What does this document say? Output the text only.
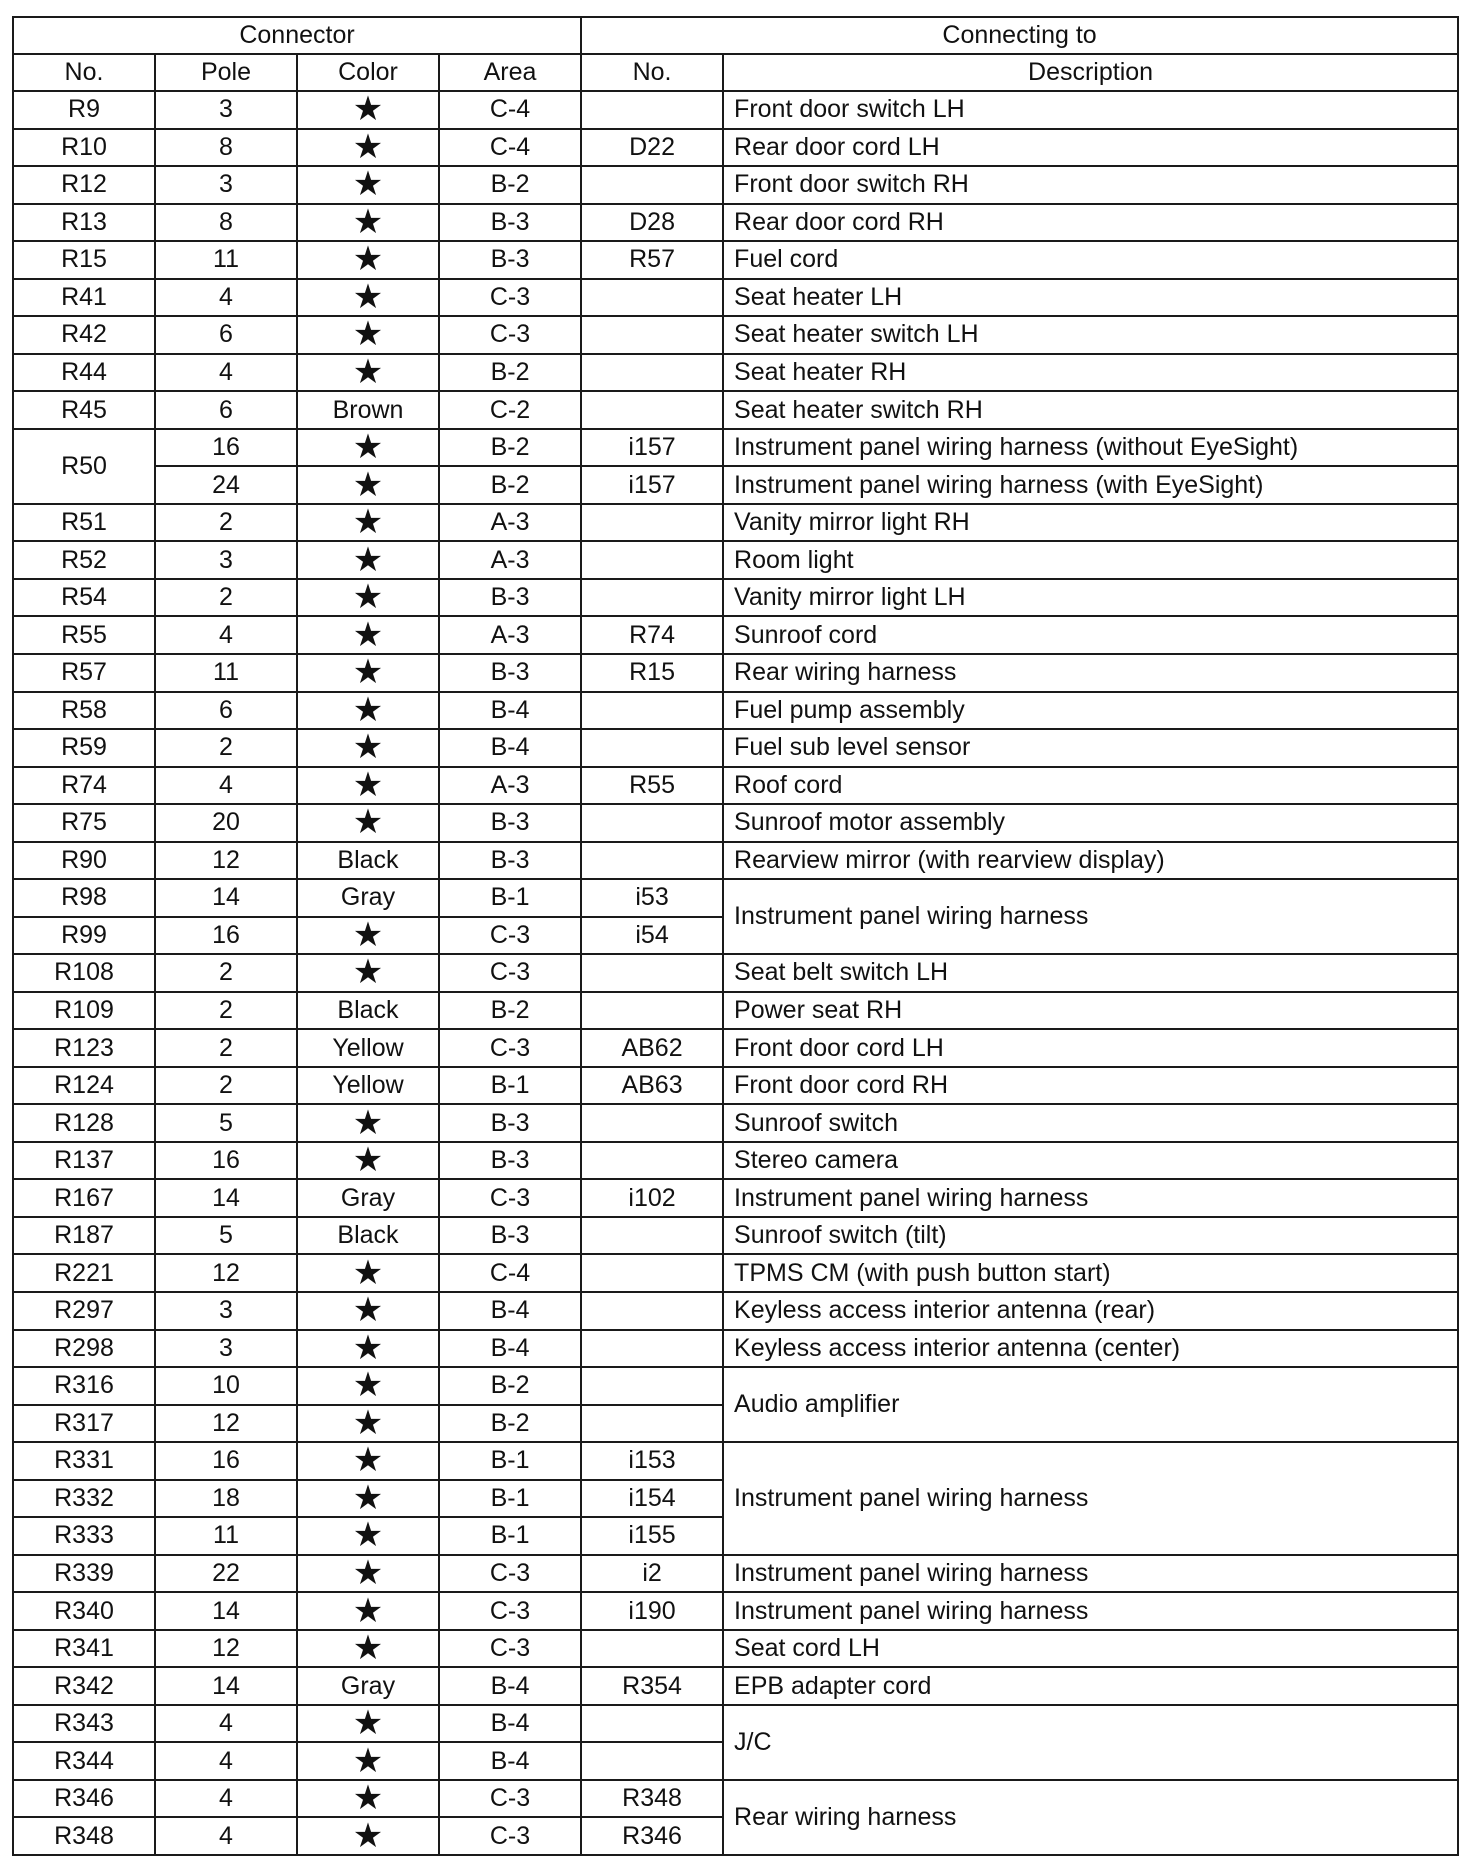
Connector				Connecting to	
No.	Pole	Color	Area	No.	Description
R9	3	★	C-4		Front door switch LH
R10	8	★	C-4	D22	Rear door cord LH
R12	3	★	B-2		Front door switch RH
R13	8	★	B-3	D28	Rear door cord RH
R15	11	★	B-3	R57	Fuel cord
R41	4	★	C-3		Seat heater LH
R42	6	★	C-3		Seat heater switch LH
R44	4	★	B-2		Seat heater RH
R45	6	Brown	C-2		Seat heater switch RH
R50	16	★	B-2	i157	Instrument panel wiring harness (without EyeSight)
	24	★	B-2	i157	Instrument panel wiring harness (with EyeSight)
R51	2	★	A-3		Vanity mirror light RH
R52	3	★	A-3		Room light
R54	2	★	B-3		Vanity mirror light LH
R55	4	★	A-3	R74	Sunroof cord
R57	11	★	B-3	R15	Rear wiring harness
R58	6	★	B-4		Fuel pump assembly
R59	2	★	B-4		Fuel sub level sensor
R74	4	★	A-3	R55	Roof cord
R75	20	★	B-3		Sunroof motor assembly
R90	12	Black	B-3		Rearview mirror (with rearview display)
R98	14	Gray	B-1	i53	Instrument panel wiring harness
R99	16	★	C-3	i54	
R108	2	★	C-3		Seat belt switch LH
R109	2	Black	B-2		Power seat RH
R123	2	Yellow	C-3	AB62	Front door cord LH
R124	2	Yellow	B-1	AB63	Front door cord RH
R128	5	★	B-3		Sunroof switch
R137	16	★	B-3		Stereo camera
R167	14	Gray	C-3	i102	Instrument panel wiring harness
R187	5	Black	B-3		Sunroof switch (tilt)
R221	12	★	C-4		TPMS CM (with push button start)
R297	3	★	B-4		Keyless access interior antenna (rear)
R298	3	★	B-4		Keyless access interior antenna (center)
R316	10	★	B-2		Audio amplifier
R317	12	★	B-2		
R331	16	★	B-1	i153	Instrument panel wiring harness
R332	18	★	B-1	i154	
R333	11	★	B-1	i155	
R339	22	★	C-3	i2	Instrument panel wiring harness
R340	14	★	C-3	i190	Instrument panel wiring harness
R341	12	★	C-3		Seat cord LH
R342	14	Gray	B-4	R354	EPB adapter cord
R343	4	★	B-4		J/C
R344	4	★	B-4		
R346	4	★	C-3	R348	Rear wiring harness
R348	4	★	C-3	R346	
